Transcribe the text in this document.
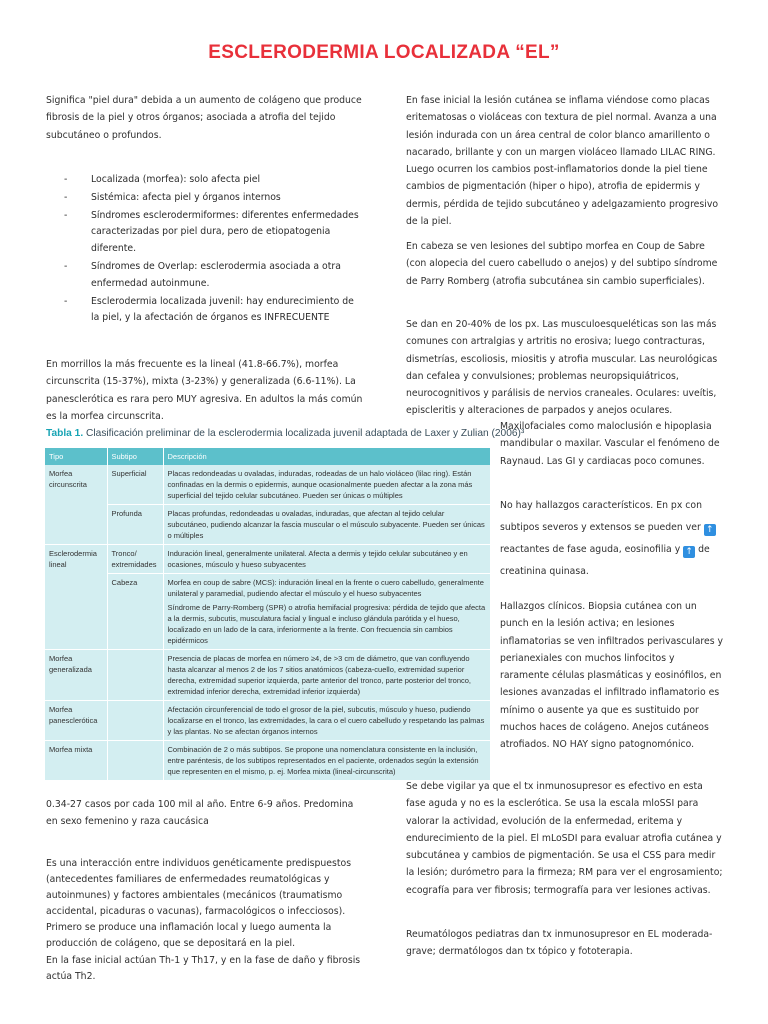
ESCLERODERMIA LOCALIZADA “EL”

Significa "piel dura" debida a un aumento de colágeno que produce fibrosis de la piel y otros órganos; asociada a atrofia del tejido subcutáneo o profundos.

- Localizada (morfea): solo afecta piel
- Sistémica: afecta piel y órganos internos
- Síndromes esclerodermiformes: diferentes enfermedades caracterizadas por piel dura, pero de etiopatogenia diferente.
- Síndromes de Overlap: esclerodermia asociada a otra enfermedad autoinmune.
- Esclerodermia localizada juvenil: hay endurecimiento de la piel, y la afectación de órganos es INFRECUENTE

En morrillos la más frecuente es la lineal (41.8-66.7%), morfea circunscrita (15-37%), mixta (3-23%) y generalizada (6.6-11%). La panesclerótica es rara pero MUY agresiva. En adultos la más común es la morfea circunscrita.

Tabla 1. Clasificación preliminar de la esclerodermia localizada juvenil adaptada de Laxer y Zulian (2006)³
Tipo	Subtipo	Descripción
Morfea circunscrita	Superficial	Placas redondeadas u ovaladas, induradas, rodeadas de un halo violáceo (lilac ring). Están confinadas en la dermis o epidermis, aunque ocasionalmente pueden afectar a la zona más superficial del tejido celular subcutáneo. Pueden ser únicas o múltiples
	Profunda	Placas profundas, redondeadas u ovaladas, induradas, que afectan al tejido celular subcutáneo, pudiendo alcanzar la fascia muscular o el músculo subyacente. Pueden ser únicas o múltiples
Esclerodermia lineal	Tronco/ extremidades	Induración lineal, generalmente unilateral. Afecta a dermis y tejido celular subcutáneo y en ocasiones, músculo y hueso subyacentes
	Cabeza	Morfea en coup de sabre (MCS): induración lineal en la frente o cuero cabelludo, generalmente unilateral y paramedial, pudiendo afectar el músculo y el hueso subyacentes
Síndrome de Parry-Romberg (SPR) o atrofia hemifacial progresiva: pérdida de tejido que afecta a la dermis, subcutis, musculatura facial y lingual e incluso glándula parótida y el hueso, localizado en un lado de la cara, inferiormente a la frente. Con frecuencia sin cambios epidérmicos

Morfea generalizada		Presencia de placas de morfea en número ≥4, de >3 cm de diámetro, que van confluyendo hasta alcanzar al menos 2 de los 7 sitios anatómicos (cabeza-cuello, extremidad superior derecha, extremidad superior izquierda, parte anterior del tronco, parte posterior del tronco, extremidad inferior derecha, extremidad inferior izquierda)
Morfea panesclerótica		Afectación circunferencial de todo el grosor de la piel, subcutis, músculo y hueso, pudiendo localizarse en el tronco, las extremidades, la cara o el cuero cabelludo y respetando las palmas y las plantas. No se afectan órganos internos
Morfea mixta		Combinación de 2 o más subtipos. Se propone una nomenclatura consistente en la inclusión, entre paréntesis, de los subtipos representados en el paciente, ordenados según la extensión que representen en el mismo, p. ej. Morfea mixta (lineal-circunscrita)

0.34-27 casos por cada 100 mil al año. Entre 6-9 años. Predomina en sexo femenino y raza caucásica

Es una interacción entre individuos genéticamente predispuestos (antecedentes familiares de enfermedades reumatológicas y autoinmunes) y factores ambientales (mecánicos (traumatismo accidental, picaduras o vacunas), farmacológicos o infecciosos). Primero se produce una inflamación local y luego aumenta la producción de colágeno, que se depositará en la piel.

En la fase inicial actúan Th-1 y Th17, y en la fase de daño y fibrosis actúa Th2.

En fase inicial la lesión cutánea se inflama viéndose como placas eritematosas o violáceas con textura de piel normal. Avanza a una lesión indurada con un área central de color blanco amarillento o nacarado, brillante y con un margen violáceo llamado LILAC RING. Luego ocurren los cambios post-inflamatorios donde la piel tiene cambios de pigmentación (hiper o hipo), atrofia de epidermis y dermis, pérdida de tejido subcutáneo y adelgazamiento progresivo de la piel.

En cabeza se ven lesiones del subtipo morfea en Coup de Sabre (con alopecia del cuero cabelludo o anejos) y del subtipo síndrome de Parry Romberg (atrofia subcutánea sin cambio superficiales).

Se dan en 20-40% de los px. Las musculoesqueléticas son las más comunes con artralgias y artritis no erosiva; luego contracturas, dismetrías, escoliosis, miositis y atrofia muscular. Las neurológicas dan cefalea y convulsiones; problemas neuropsiquiátricos, neurocognitivos y parálisis de nervios craneales. Oculares: uveítis, episcleritis y alteraciones de parpados y anejos oculares.

Maxilofaciales como maloclusión e hipoplasia mandibular o maxilar. Vascular el fenómeno de Raynaud. Las GI y cardiacas poco comunes.

No hay hallazgos característicos. En px con subtipos severos y extensos se pueden ver ↑ reactantes de fase aguda, eosinofilia y ↑ de creatinina quinasa.

Hallazgos clínicos. Biopsia cutánea con un punch en la lesión activa; en lesiones inflamatorias se ven infiltrados perivasculares y perianexiales con muchos linfocitos y raramente células plasmáticas y eosinófilos, en lesiones avanzadas el infiltrado inflamatorio es mínimo o ausente ya que es sustituido por muchos haces de colágeno. Anejos cutáneos atrofiados. NO HAY signo patognomónico.

Se debe vigilar ya que el tx inmunosupresor es efectivo en esta fase aguda y no es la esclerótica. Se usa la escala mloSSI para valorar la actividad, evolución de la enfermedad, eritema y endurecimiento de la piel. El mLoSDI para evaluar atrofia cutánea y subcutánea y cambios de pigmentación. Se usa el CSS para medir la lesión; durómetro para la firmeza; RM para ver el engrosamiento; ecografía para ver fibrosis; termografía para ver lesiones activas.

Reumatólogos pediatras dan tx inmunosupresor en EL moderada-grave; dermatólogos dan tx tópico y fototerapia.
